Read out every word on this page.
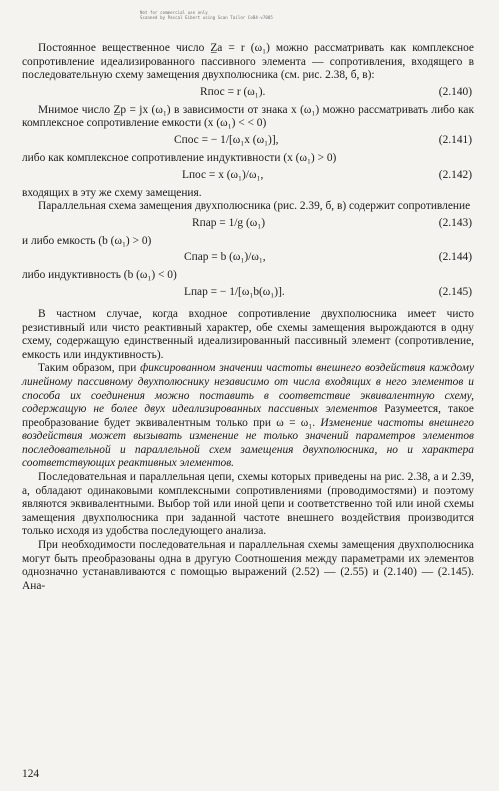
Not for commercial use only
Scanned by Pascal Eibert using Scan Tailor CoB4-v7005

Постоянное вещественное число Z̲а = r (ω₁) можно рассматривать как комплексное сопротивление идеализированного пассивного элемента — сопротивления, входящего в последовательную схему замещения двухполюсника (см. рис. 2.38, б, в):

Rпос = r (ω₁).	(2.140)

Мнимое число Z̲р = jx (ω₁) в зависимости от знака x (ω₁) можно рассматривать либо как комплексное сопротивление емкости (x (ω₁) < < 0)

Cпос = − 1/[ω₁x (ω₁)],	(2.141)

либо как комплексное сопротивление индуктивности (x (ω₁) > 0)

Lпос = x (ω₁)/ω₁,	(2.142)

входящих в эту же схему замещения.

Параллельная схема замещения двухполюсника (рис. 2.39, б, в) содержит сопротивление

Rпар = 1/g (ω₁)	(2.143)

и либо емкость (b (ω₁) > 0)

Cпар = b (ω₁)/ω₁,	(2.144)

либо индуктивность (b (ω₁) < 0)

Lпар = − 1/[ω₁b(ω₁)].	(2.145)

В частном случае, когда входное сопротивление двухполюсника имеет чисто резистивный или чисто реактивный характер, обе схемы замещения вырождаются в одну схему, содержащую единственный идеализированный пассивный элемент (сопротивление, емкость или индуктивность).

Таким образом, при фиксированном значении частоты внешнего воздействия каждому линейному пассивному двухполюснику независимо от числа входящих в него элементов и способа их соединения можно поставить в соответствие эквивалентную схему, содержащую не более двух идеализированных пассивных элементов Разумеется, такое преобразование будет эквивалентным только при ω = ω₁. Изменение частоты внешнего воздействия может вызывать изменение не только значений параметров элементов последовательной и параллельной схем замещения двухполюсника, но и характера соответствующих реактивных элементов.

Последовательная и параллельная цепи, схемы которых приведены на рис. 2.38, а и 2.39, а, обладают одинаковыми комплексными сопротивлениями (проводимостями) и поэтому являются эквивалентными. Выбор той или иной цепи и соответственно той или иной схемы замещения двухполюсника при заданной частоте внешнего воздействия производится только исходя из удобства последующего анализа.

При необходимости последовательная и параллельная схемы замещения двухполюсника могут быть преобразованы одна в другую Соотношения между параметрами их элементов однозначно устанавливаются с помощью выражений (2.52) — (2.55) и (2.140) — (2.145). Ана-

124
